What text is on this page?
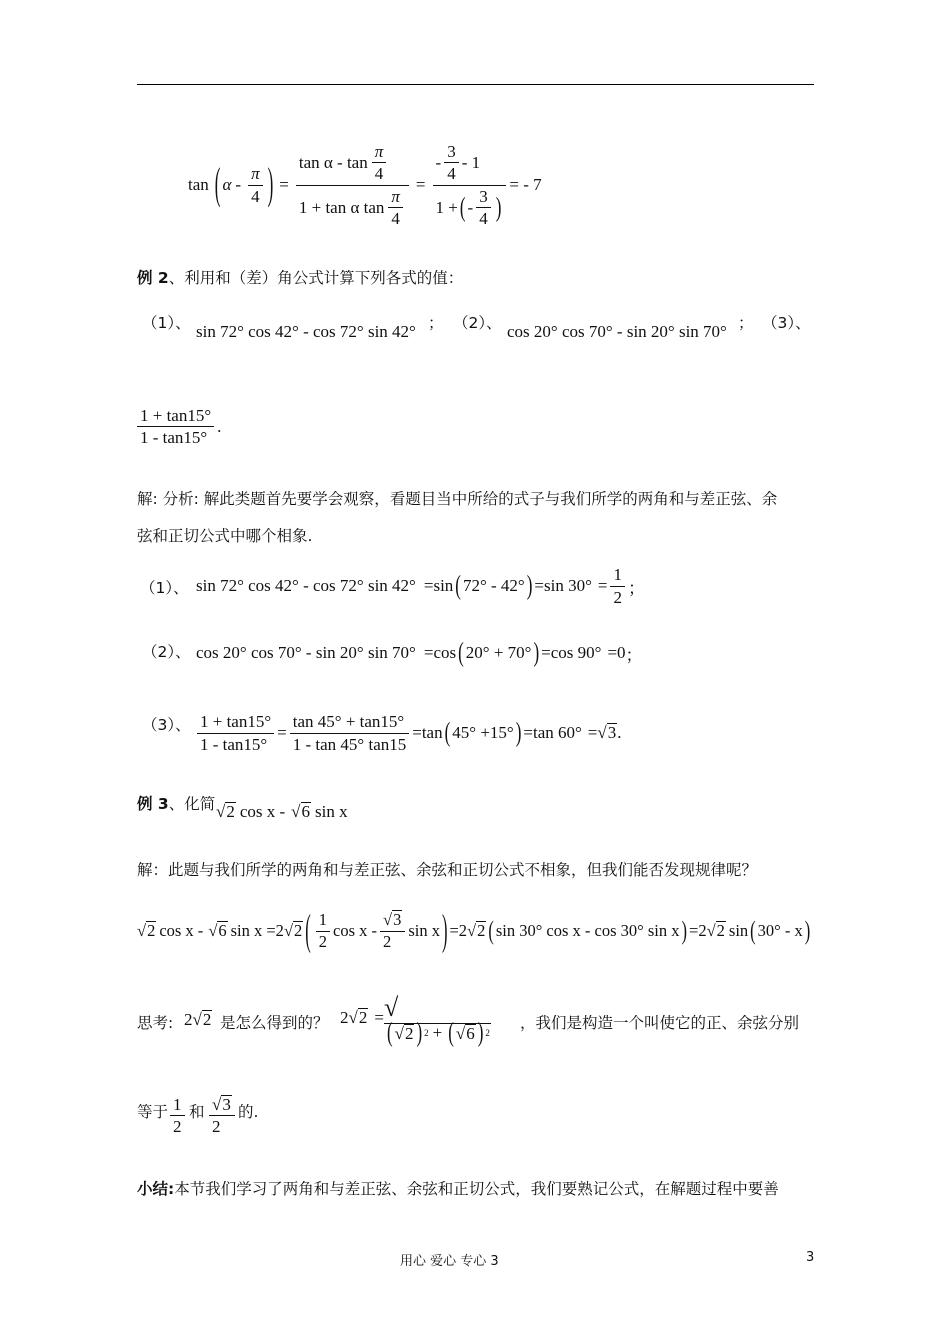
tan ( α - $\frac{\pi}{4}$ ) = $\frac{\tan \alpha - \tan \frac{\pi}{4}}{1 + \tan \alpha \tan \frac{\pi}{4}} = \frac{- \frac{3}{4} - 1}{1 + ( - \frac{3}{4} )}$ = - 7
例 2、利用和（差）角公式计算下列各式的值：
（1）、 sin 72° cos 42° - cos 72° sin 42° ； （2）、 cos 20° cos 70° - sin 20° sin 70° ； （3）、
$\frac{1 + \tan 15^\circ}{1 - \tan 15^\circ}$ .
解: 分析: 解此类题首先要学会观察，看题目当中所给的式子与我们所学的两角和与差正弦、余
弦和正切公式中哪个相象.
（1）、 sin 72° cos 42° - cos 72° sin 42° =sin ( 72° - 42° ) =sin $30^\circ = \frac{1}{2}$ ；
（2）、 cos 20° cos 70° - sin 20° sin 70° =cos ( 20° + 70° ) =cos 90° =0 ；
（3）、 $\frac{1 + \tan 15^\circ}{1 - \tan 15^\circ} = \frac{\tan 45^\circ + \tan 15^\circ}{1 - \tan 45^\circ \tan 15} =\tan$ ( 45° +15° ) =tan 60° = √3 .
例 3、化简 √2 cos x - √6 sin x
解：此题与我们所学的两角和与差正弦、余弦和正切公式不相象，但我们能否发现规律呢？
√2 cos x - √6 sin x =2 √2 ( $\frac{1}{2}$ cos x - $\frac{√3}{2}$ sin x ) =2 √2 ( sin 30° cos x - cos 30° sin x ) =2 √2 sin ( 30° - x )
思考: 2 √2 是怎么得到的？ 2 √2 = √
( √2 ) 2 + ( √6 ) 2
，我们是构造一个叫使它的正、余弦分别
等于 $\frac{1}{2}$ 和 $\frac{√3}{2}$ 的.
小结:本节我们学习了两角和与差正弦、余弦和正切公式，我们要熟记公式，在解题过程中要善
用心 爱心 专心 3	3
